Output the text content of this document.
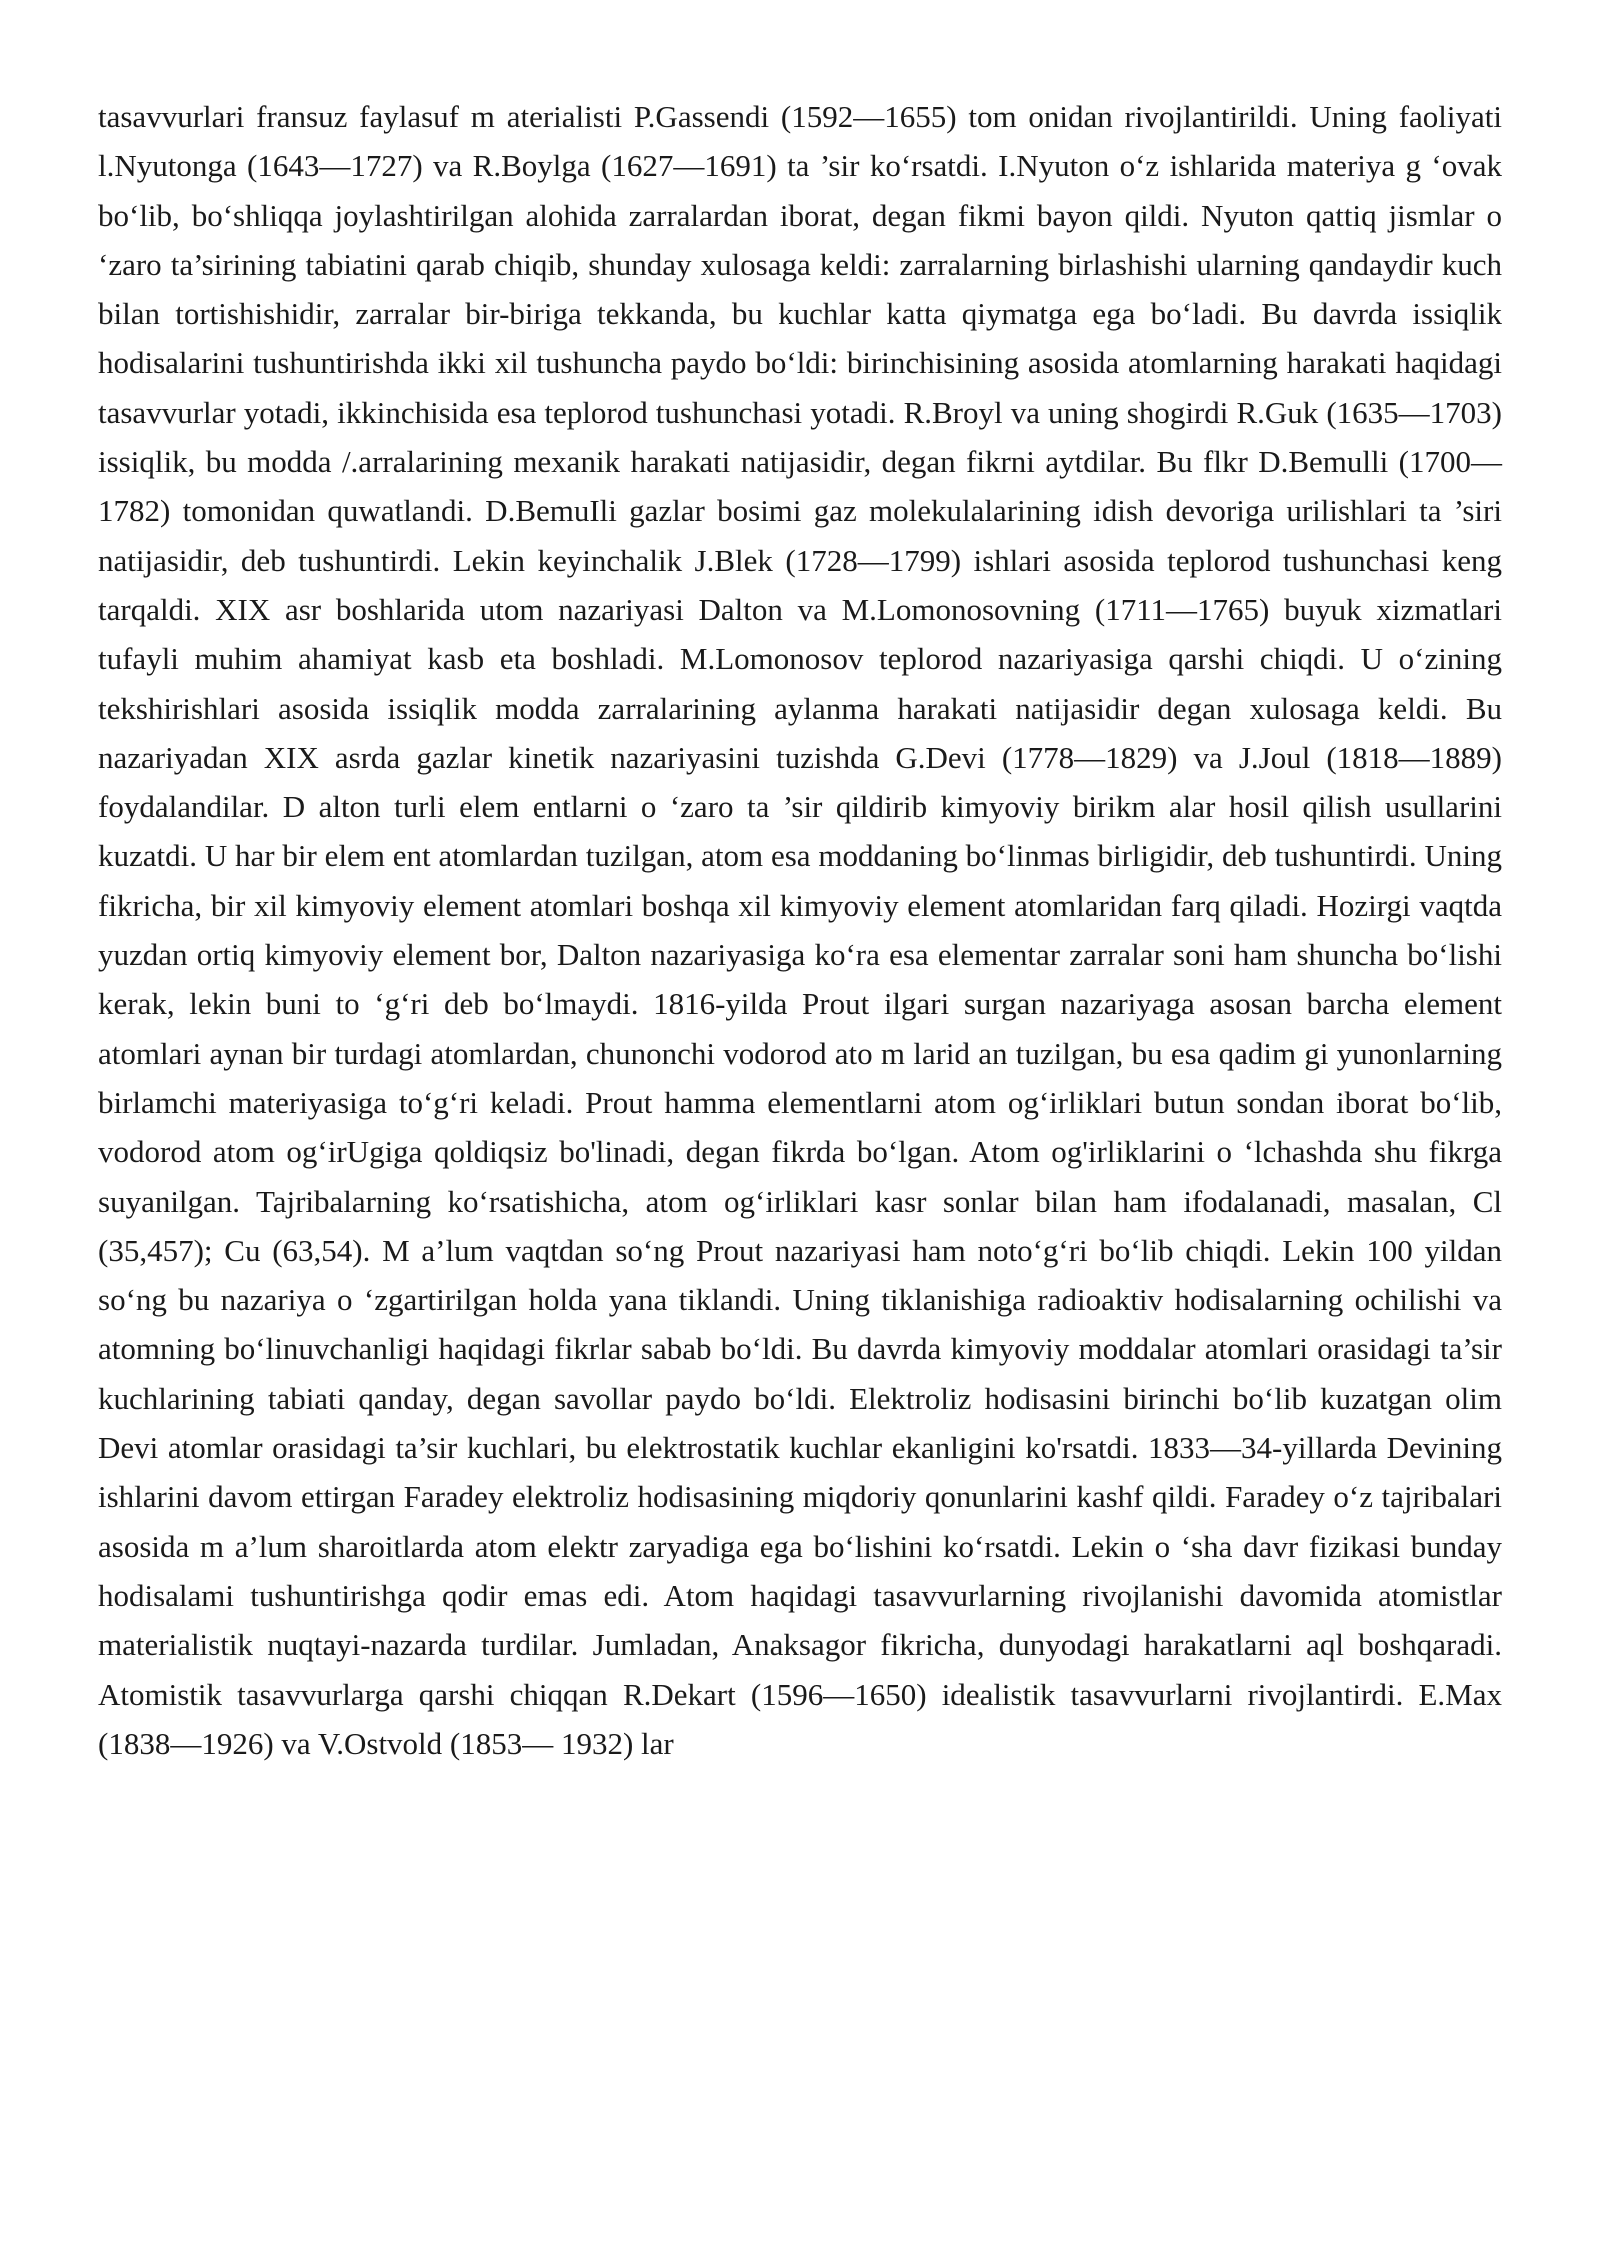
tasavvurlari fransuz faylasuf m aterialisti P.Gassendi (1592—1655) tom onidan rivojlantirildi. Uning faoliyati l.Nyutonga (1643—1727) va R.Boylga (1627—1691) ta ’sir ko‘rsatdi. I.Nyuton o‘z ishlarida materiya g ‘ovak bo‘lib, bo‘shliqqa joylashtirilgan alohida zarralardan iborat, degan fikmi bayon qildi. Nyuton qattiq jismlar o ‘zaro ta’sirining tabiatini qarab chiqib, shunday xulosaga keldi: zarralarning birlashishi ularning qandaydir kuch bilan tortishishidir, zarralar bir-biriga tekkanda, bu kuchlar katta qiymatga ega bo‘ladi. Bu davrda issiqlik hodisalarini tushuntirishda ikki xil tushuncha paydo bo‘ldi: birinchisining asosida atomlarning harakati haqidagi tasavvurlar yotadi, ikkinchisida esa teplorod tushunchasi yotadi. R.Broyl va uning shogirdi R.Guk (1635—1703) issiqlik, bu modda /.arralarining mexanik harakati natijasidir, degan fikrni aytdilar. Bu flkr D.Bemulli (1700—1782) tomonidan quwatlandi. D.BemuIli gazlar bosimi gaz molekulalarining idish devoriga urilishlari ta ’siri natijasidir, deb tushuntirdi. Lekin keyinchalik J.Blek (1728—1799) ishlari asosida teplorod tushunchasi keng tarqaldi. XIX asr boshlarida utom nazariyasi Dalton va M.Lomonosovning (1711—1765) buyuk xizmatlari tufayli muhim ahamiyat kasb eta boshladi. M.Lomonosov teplorod nazariyasiga qarshi chiqdi. U o‘zining tekshirishlari asosida issiqlik modda zarralarining aylanma harakati natijasidir degan xulosaga keldi. Bu nazariyadan XIX asrda gazlar kinetik nazariyasini tuzishda G.Devi (1778—1829) va J.Joul (1818—1889) foydalandilar. D alton turli elem entlarni o ‘zaro ta ’sir qildirib kimyoviy birikm alar hosil qilish usullarini kuzatdi. U har bir elem ent atomlardan tuzilgan, atom esa moddaning bo‘linmas birligidir, deb tushuntirdi. Uning fikricha, bir xil kimyoviy element atomlari boshqa xil kimyoviy element atomlaridan farq qiladi. Hozirgi vaqtda yuzdan ortiq kimyoviy element bor, Dalton nazariyasiga ko‘ra esa elementar zarralar soni ham shuncha bo‘lishi kerak, lekin buni to ‘g‘ri deb bo‘lmaydi. 1816-yilda Prout ilgari surgan nazariyaga asosan barcha element atomlari aynan bir turdagi atomlardan, chunonchi vodorod ato m larid an tuzilgan, bu esa qadim gi yunonlarning birlamchi materiyasiga to‘g‘ri keladi. Prout hamma elementlarni atom og‘irliklari butun sondan iborat bo‘lib, vodorod atom og‘irUgiga qoldiqsiz bo'linadi, degan fikrda bo‘lgan. Atom og'irliklarini o ‘lchashda shu fikrga suyanilgan. Tajribalarning ko‘rsatishicha, atom og‘irliklari kasr sonlar bilan ham ifodalanadi, masalan, Cl (35,457); Cu (63,54). M a’lum vaqtdan so‘ng Prout nazariyasi ham noto‘g‘ri bo‘lib chiqdi. Lekin 100 yildan so‘ng bu nazariya o ‘zgartirilgan holda yana tiklandi. Uning tiklanishiga radioaktiv hodisalarning ochilishi va atomning bo‘linuvchanligi haqidagi fikrlar sabab bo‘ldi. Bu davrda kimyoviy moddalar atomlari orasidagi ta’sir kuchlarining tabiati qanday, degan savollar paydo bo‘ldi. Elektroliz hodisasini birinchi bo‘lib kuzatgan olim Devi atomlar orasidagi ta’sir kuchlari, bu elektrostatik kuchlar ekanligini ko'rsatdi. 1833—34-yillarda Devining ishlarini davom ettirgan Faradey elektroliz hodisasining miqdoriy qonunlarini kashf qildi. Faradey o‘z tajribalari asosida m a’lum sharoitlarda atom elektr zaryadiga ega bo‘lishini ko‘rsatdi. Lekin o ‘sha davr fizikasi bunday hodisalami tushuntirishga qodir emas edi. Atom haqidagi tasavvurlarning rivojlanishi davomida atomistlar materialistik nuqtayi-nazarda turdilar. Jumladan, Anaksagor fikricha, dunyodagi harakatlarni aql boshqaradi. Atomistik tasavvurlarga qarshi chiqqan R.Dekart (1596—1650) idealistik tasavvurlarni rivojlantirdi. E.Max (1838—1926) va V.Ostvold (1853— 1932) lar
